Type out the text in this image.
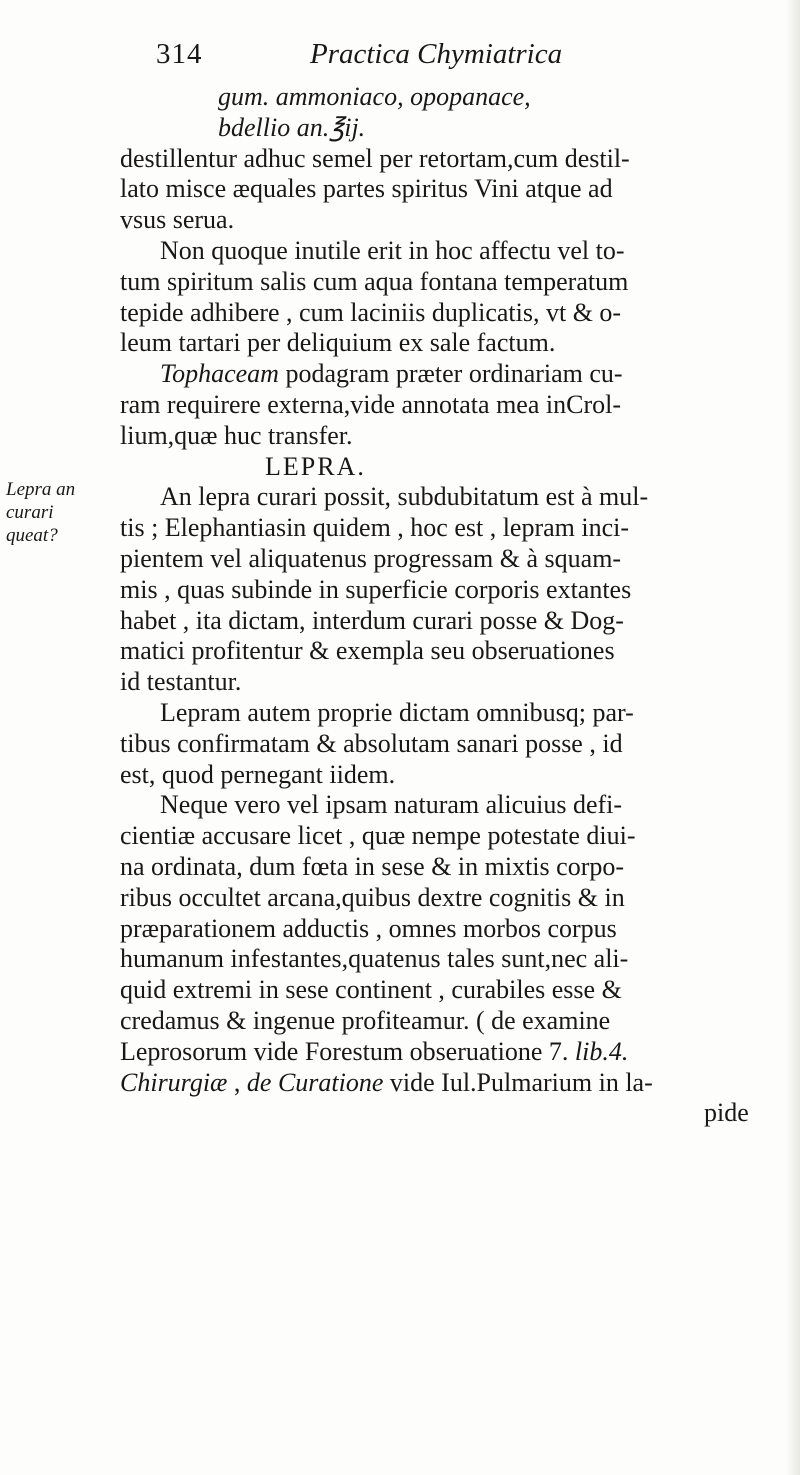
314	Practica Chymiatrica
Lepra an
curari
queat?
gum. ammoniaco, opopanace,
bdellio an.℥ij.
destillentur adhuc semel per retortam,cum destil-
lato misce æquales partes spiritus Vini atque ad
vsus serua.
Non quoque inutile erit in hoc affectu vel to-
tum spiritum salis cum aqua fontana temperatum
tepide adhibere , cum laciniis duplicatis, vt & o-
leum tartari per deliquium ex sale factum.
Tophaceam podagram præter ordinariam cu-
ram requirere externa,vide annotata mea inCrol-
lium,quæ huc transfer.
LEPRA.
An lepra curari possit, subdubitatum est à mul-
tis ; Elephantiasin quidem , hoc est , lepram inci-
pientem vel aliquatenus progressam & à squam-
mis , quas subinde in superficie corporis extantes
habet , ita dictam, interdum curari posse & Dog-
matici profitentur & exempla seu obseruationes
id testantur.
Lepram autem proprie dictam omnibusq; par-
tibus confirmatam & absolutam sanari posse , id
est, quod pernegant iidem.
Neque vero vel ipsam naturam alicuius defi-
cientiæ accusare licet , quæ nempe potestate diui-
na ordinata, dum fœta in sese & in mixtis corpo-
ribus occultet arcana,quibus dextre cognitis & in
præparationem adductis , omnes morbos corpus
humanum infestantes,quatenus tales sunt,nec ali-
quid extremi in sese continent , curabiles esse &
credamus & ingenue profiteamur. ( de examine
Leprosorum vide Forestum obseruatione 7. lib.4.
Chirurgiæ , de Curatione vide Iul.Pulmarium in la-
pide
